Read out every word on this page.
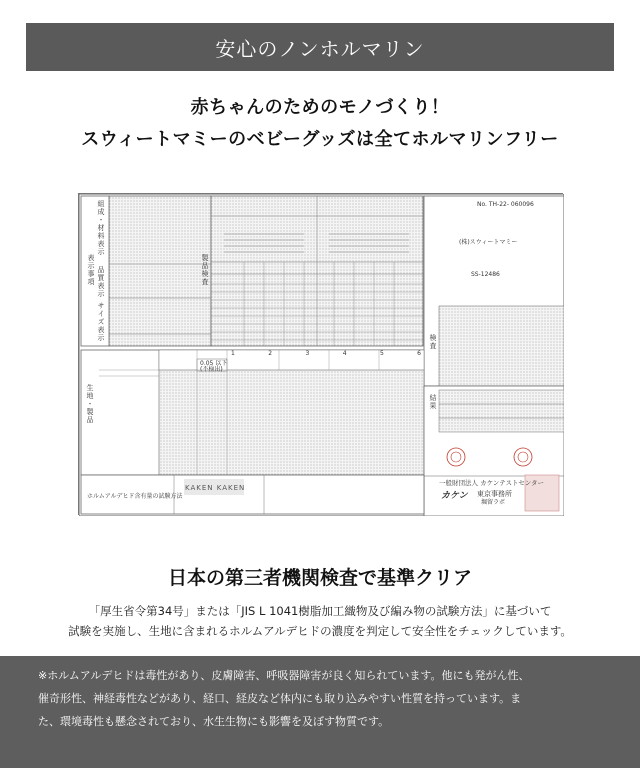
安心のノンホルマリン
赤ちゃんのためのモノづくり！
スウィートマミーのベビーグッズは全てホルマリンフリー
表示事項
組成・材料表示
品質表示
サイズ表示
製品検査
生地・製品
検査
結果
No. TH-22- 060096
(株)スウィートマミー
SS-12486
0.05 以下
(不検出)
1	2	3	4	5	6
KAKEN KAKEN
ホルムアルデヒド含有量の試験方法
一般財団法人 カケンテストセンター
カケン 東京事務所
堀留ラボ
日本の第三者機関検査で基準クリア
「厚生省令第34号」または「JIS L 1041樹脂加工織物及び編み物の試験方法」に基づいて
試験を実施し、生地に含まれるホルムアルデヒドの濃度を判定して安全性をチェックしています。
※ホルムアルデヒドは毒性があり、皮膚障害、呼吸器障害が良く知られています。他にも発がん性、
催奇形性、神経毒性などがあり、経口、経皮など体内にも取り込みやすい性質を持っています。ま
た、環境毒性も懸念されており、水生生物にも影響を及ぼす物質です。
